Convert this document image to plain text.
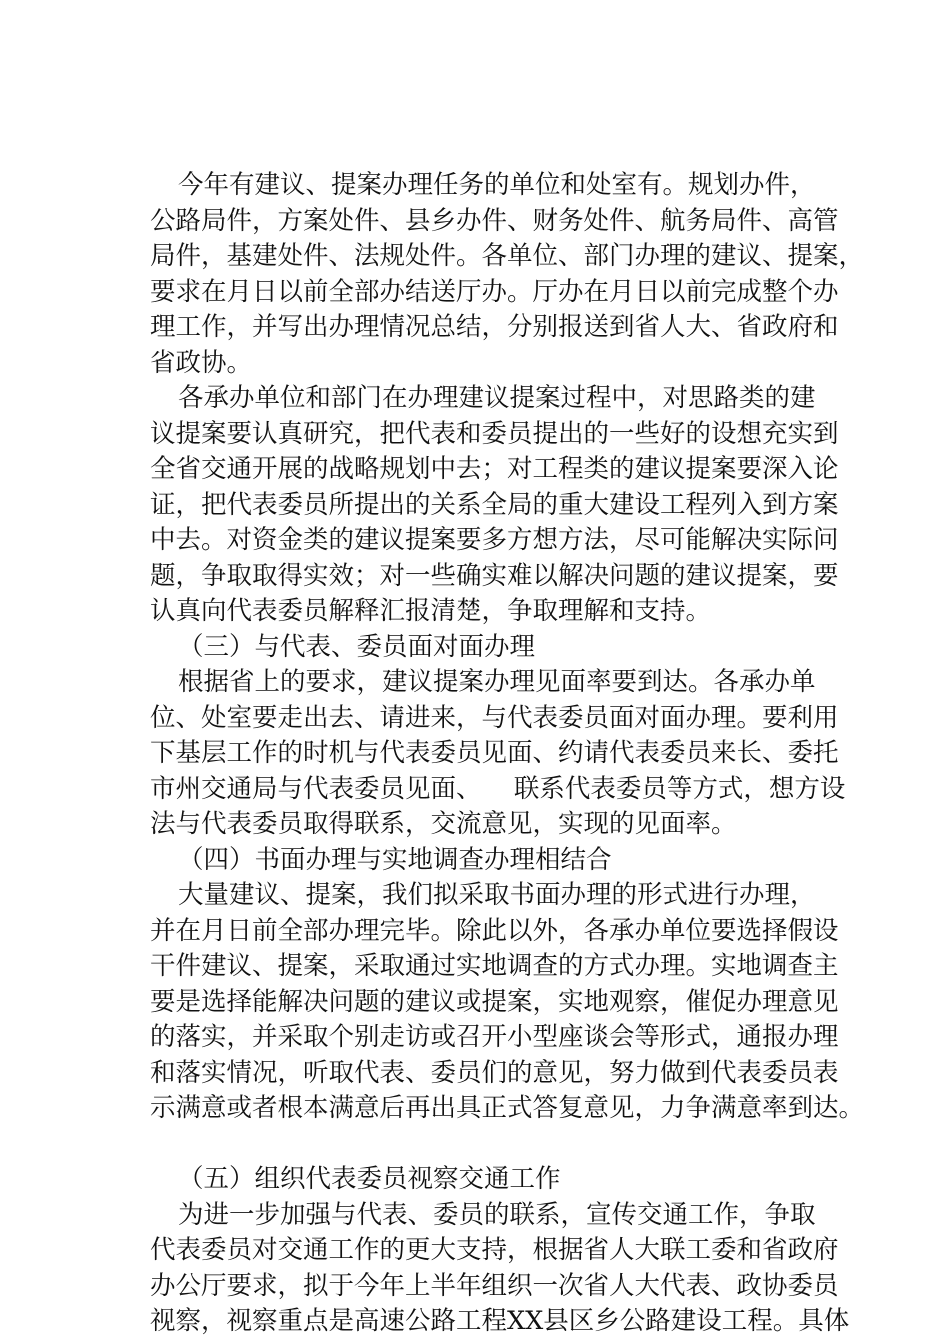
今年有建议、提案办理任务的单位和处室有。规划办件，
公路局件，方案处件、县乡办件、财务处件、航务局件、高管
局件，基建处件、法规处件。各单位、部门办理的建议、提案，
要求在月日以前全部办结送厅办。厅办在月日以前完成整个办
理工作，并写出办理情况总结，分别报送到省人大、省政府和
省政协。
各承办单位和部门在办理建议提案过程中，对思路类的建
议提案要认真研究，把代表和委员提出的一些好的设想充实到
全省交通开展的战略规划中去；对工程类的建议提案要深入论
证，把代表委员所提出的关系全局的重大建设工程列入到方案
中去。对资金类的建议提案要多方想方法，尽可能解决实际问
题，争取取得实效；对一些确实难以解决问题的建议提案，要
认真向代表委员解释汇报清楚，争取理解和支持。
（三）与代表、委员面对面办理
根据省上的要求，建议提案办理见面率要到达。各承办单
位、处室要走出去、请进来，与代表委员面对面办理。要利用
下基层工作的时机与代表委员见面、约请代表委员来长、委托
市州交通局与代表委员见面、    联系代表委员等方式，想方设
法与代表委员取得联系，交流意见，实现的见面率。
（四）书面办理与实地调查办理相结合
大量建议、提案，我们拟采取书面办理的形式进行办理，
并在月日前全部办理完毕。除此以外，各承办单位要选择假设
干件建议、提案，采取通过实地调查的方式办理。实地调查主
要是选择能解决问题的建议或提案，实地观察，催促办理意见
的落实，并采取个别走访或召开小型座谈会等形式，通报办理
和落实情况，听取代表、委员们的意见，努力做到代表委员表
示满意或者根本满意后再出具正式答复意见，力争满意率到达。
（五）组织代表委员视察交通工作
为进一步加强与代表、委员的联系，宣传交通工作，争取
代表委员对交通工作的更大支持，根据省人大联工委和省政府
办公厅要求，拟于今年上半年组织一次省人大代表、政协委员
视察，视察重点是高速公路工程XX县区乡公路建设工程。具体
